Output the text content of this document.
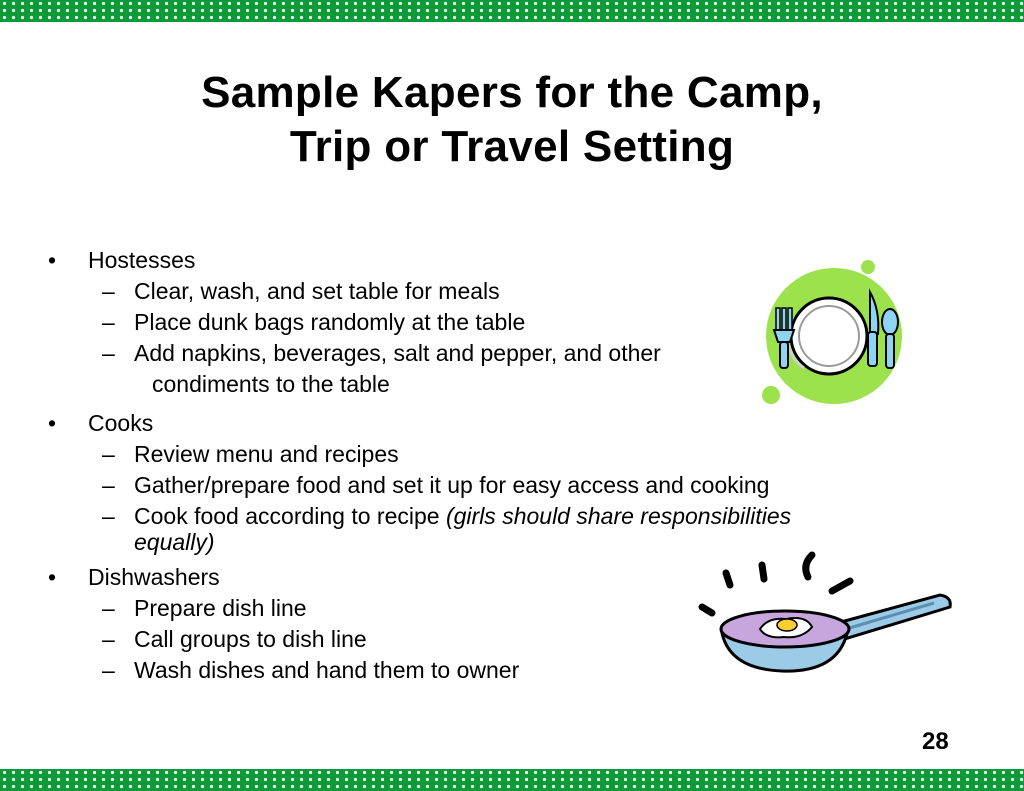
Sample Kapers for the Camp,
Trip or Travel Setting
• Hostesses
– Clear, wash, and set table for meals
– Place dunk bags randomly at the table
– Add napkins, beverages, salt and pepper, and other
condiments to the table
• Cooks
– Review menu and recipes
– Gather/prepare food and set it up for easy access and cooking
– Cook food according to recipe (girls should share responsibilities
equally)
• Dishwashers
– Prepare dish line
– Call groups to dish line
– Wash dishes and hand them to owner
28
